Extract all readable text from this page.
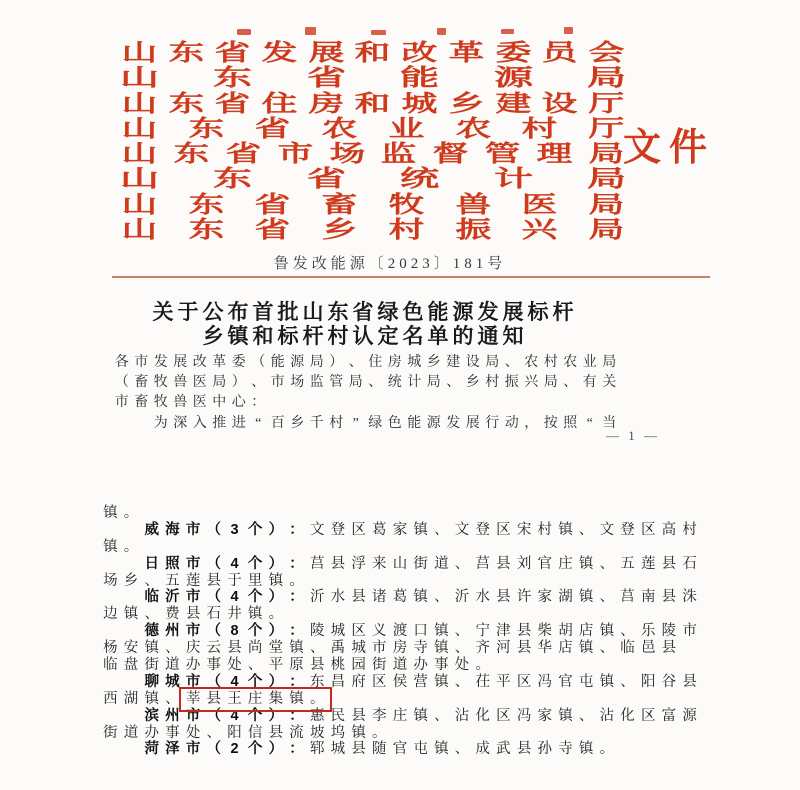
山 东 省 发 展 和 改 革 委 员 会
山 东 省 能 源 局
山 东 省 住 房 和 城 乡 建 设 厅
山 东 省 农 业 农 村 厅
山 东 省 市 场 监 督 管 理 局
山 东 省 统 计 局
山 东 省 畜 牧 兽 医 局
山 东 省 乡 村 振 兴 局
文件
鲁发改能源〔2023〕181号
关于公布首批山东省绿色能源发展标杆
乡镇和标杆村认定名单的通知
各 市 发 展 改 革 委 （ 能 源 局 ） 、 住 房 城 乡 建 设 局 、 农 村 农 业 局
（ 畜 牧 兽 医 局 ） 、 市 场 监 管 局 、 统 计 局 、 乡 村 振 兴 局 、 有 关
市 畜 牧 兽 医 中 心 ：
为 深 入 推 进 “ 百 乡 千 村 ” 绿 色 能 源 发 展 行 动 ， 按 照 “ 当
— 1 —
镇 。
威 海 市 （ 3 个 ） ： 文 登 区 葛 家 镇 、 文 登 区 宋 村 镇 、 文 登 区 高 村
镇 。
日 照 市 （ 4 个 ） ： 莒 县 浮 来 山 街 道 、 莒 县 刘 官 庄 镇 、 五 莲 县 石
场 乡 、 五 莲 县 于 里 镇 。
临 沂 市 （ 4 个 ） ： 沂 水 县 诸 葛 镇 、 沂 水 县 许 家 湖 镇 、 莒 南 县 洙
边 镇 、 费 县 石 井 镇 。
德 州 市 （ 8 个 ） ： 陵 城 区 义 渡 口 镇 、 宁 津 县 柴 胡 店 镇 、 乐 陵 市
杨 安 镇 、 庆 云 县 尚 堂 镇 、 禹 城 市 房 寺 镇 、 齐 河 县 华 店 镇 、 临 邑 县
临 盘 街 道 办 事 处 、 平 原 县 桃 园 街 道 办 事 处 。
聊 城 市 （ 4 个 ） ： 东 昌 府 区 侯 营 镇 、 茌 平 区 冯 官 屯 镇 、 阳 谷 县
西 湖 镇 、 莘 县 王 庄 集 镇 。
滨 州 市 （ 4 个 ） ： 惠 民 县 李 庄 镇 、 沾 化 区 冯 家 镇 、 沾 化 区 富 源
街 道 办 事 处 、 阳 信 县 流 坡 坞 镇 。
菏 泽 市 （ 2 个 ） ： 郓 城 县 随 官 屯 镇 、 成 武 县 孙 寺 镇 。
